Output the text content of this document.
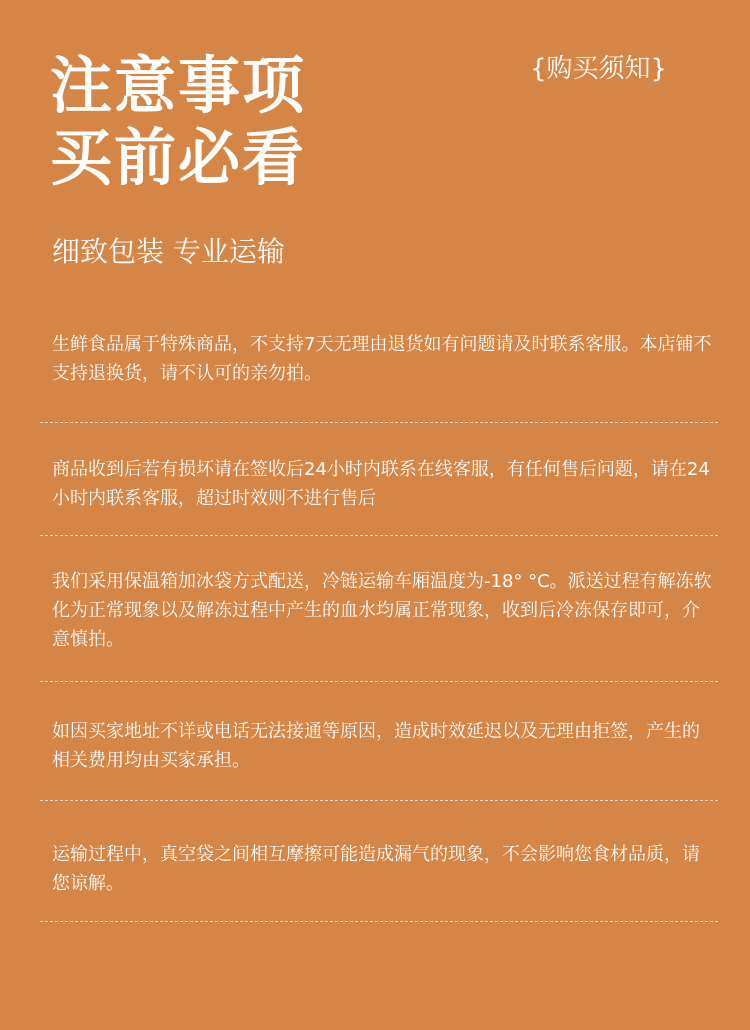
注意事项
买前必看
{购买须知}
细致包装 专业运输
生鲜食品属于特殊商品，不支持7天无理由退货如有问题请及时联系客服。本店铺不支持退换货，请不认可的亲勿拍。
商品收到后若有损坏请在签收后24小时内联系在线客服，有任何售后问题，请在24小时内联系客服，超过时效则不进行售后
我们采用保温箱加冰袋方式配送，冷链运输车厢温度为-18° °C。派送过程有解冻软化为正常现象以及解冻过程中产生的血水均属正常现象，收到后冷冻保存即可，介意慎拍。
如因买家地址不详或电话无法接通等原因，造成时效延迟以及无理由拒签，产生的相关费用均由买家承担。
运输过程中，真空袋之间相互摩擦可能造成漏气的现象，不会影响您食材品质，请您谅解。
